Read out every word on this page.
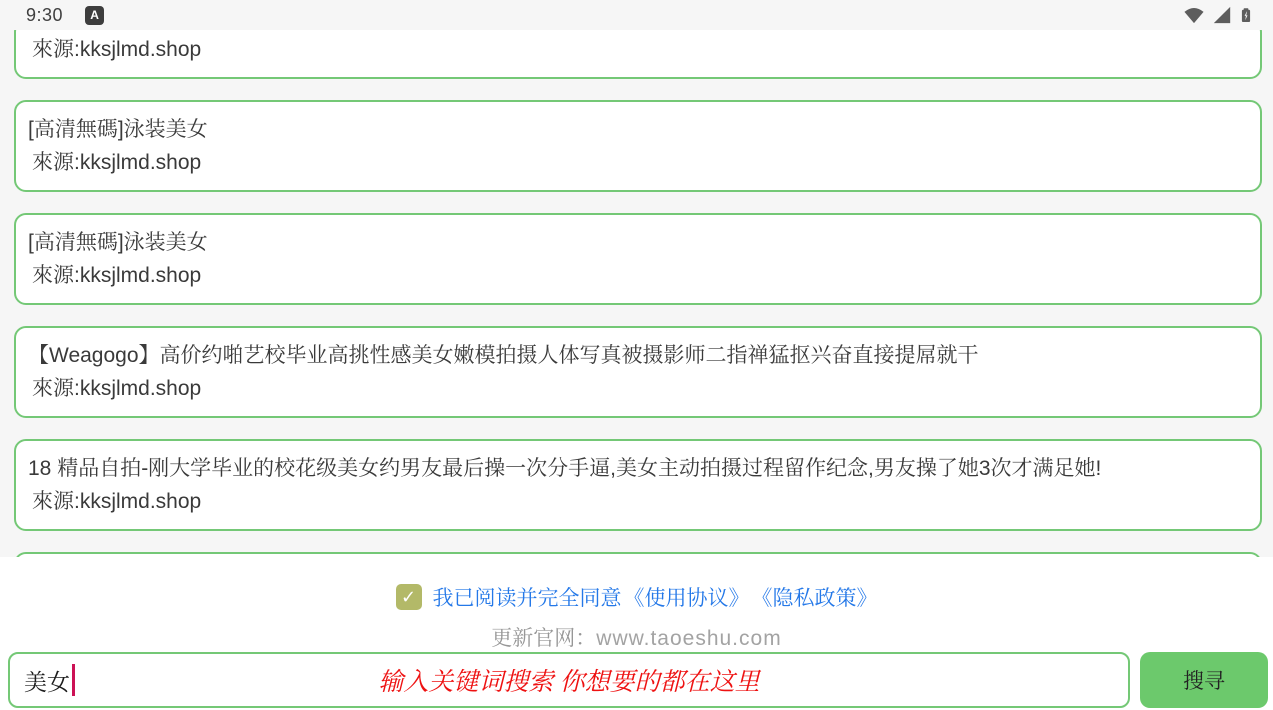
9:30	A
來源:kksjlmd.shop
[高清無碼]泳装美女
來源:kksjlmd.shop
[高清無碼]泳装美女
來源:kksjlmd.shop
【Weagogo】高价约啪艺校毕业高挑性感美女嫩模拍摄人体写真被摄影师二指禅猛抠兴奋直接提屌就干
來源:kksjlmd.shop
18 精品自拍-刚大学毕业的校花级美女约男友最后操一次分手逼,美女主动拍摄过程留作纪念,男友操了她3次才满足她!
來源:kksjlmd.shop
✓ 我已阅读并完全同意 《使用协议》 《隐私政策》
更新官网：www.taoeshu.com
美女	输入关键词搜索 你想要的都在这里	搜寻
